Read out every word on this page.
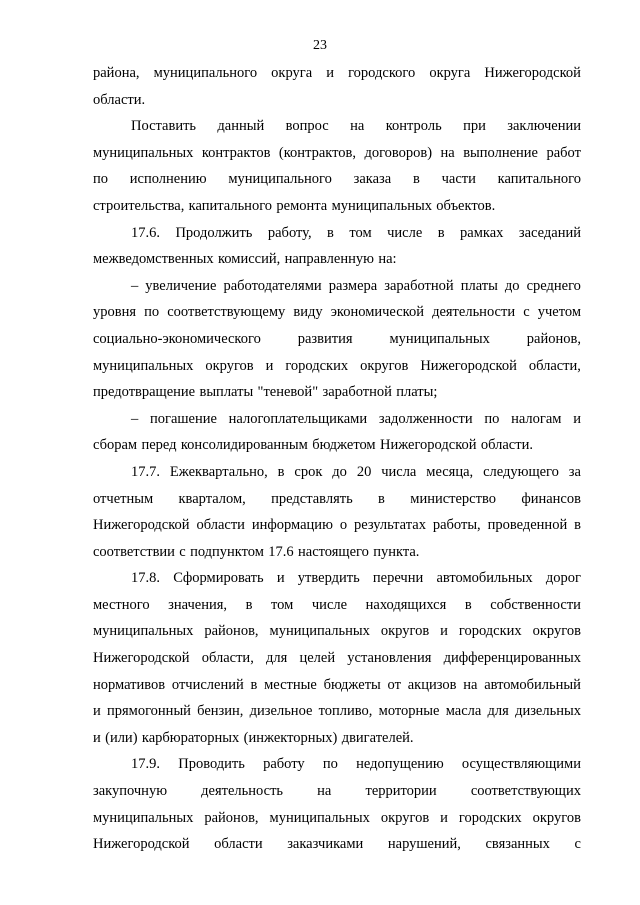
23
района, муниципального округа и городского округа Нижегородской
области.
Поставить данный вопрос на контроль при заключении
муниципальных контрактов (контрактов, договоров) на выполнение работ
по исполнению муниципального заказа в части капитального
строительства, капитального ремонта муниципальных объектов.
17.6. Продолжить работу, в том числе в рамках заседаний
межведомственных комиссий, направленную на:
– увеличение работодателями размера заработной платы до среднего
уровня по соответствующему виду экономической деятельности с учетом
социально-экономического	развития	муниципальных	районов,
муниципальных округов и городских округов Нижегородской области,
предотвращение выплаты "теневой" заработной платы;
– погашение налогоплательщиками задолженности по налогам и
сборам перед консолидированным бюджетом Нижегородской области.
17.7. Ежеквартально, в срок до 20 числа месяца, следующего за
отчетным кварталом, представлять в министерство финансов
Нижегородской области информацию о результатах работы, проведенной в
соответствии с подпунктом 17.6 настоящего пункта.
17.8. Сформировать и утвердить перечни автомобильных дорог
местного значения, в том числе находящихся в собственности
муниципальных районов, муниципальных округов и городских округов
Нижегородской области, для целей установления дифференцированных
нормативов отчислений в местные бюджеты от акцизов на автомобильный
и прямогонный бензин, дизельное топливо, моторные масла для дизельных
и (или) карбюраторных (инжекторных) двигателей.
17.9. Проводить работу по недопущению осуществляющими
закупочную деятельность на территории соответствующих
муниципальных районов, муниципальных округов и городских округов
Нижегородской области заказчиками нарушений, связанных с
